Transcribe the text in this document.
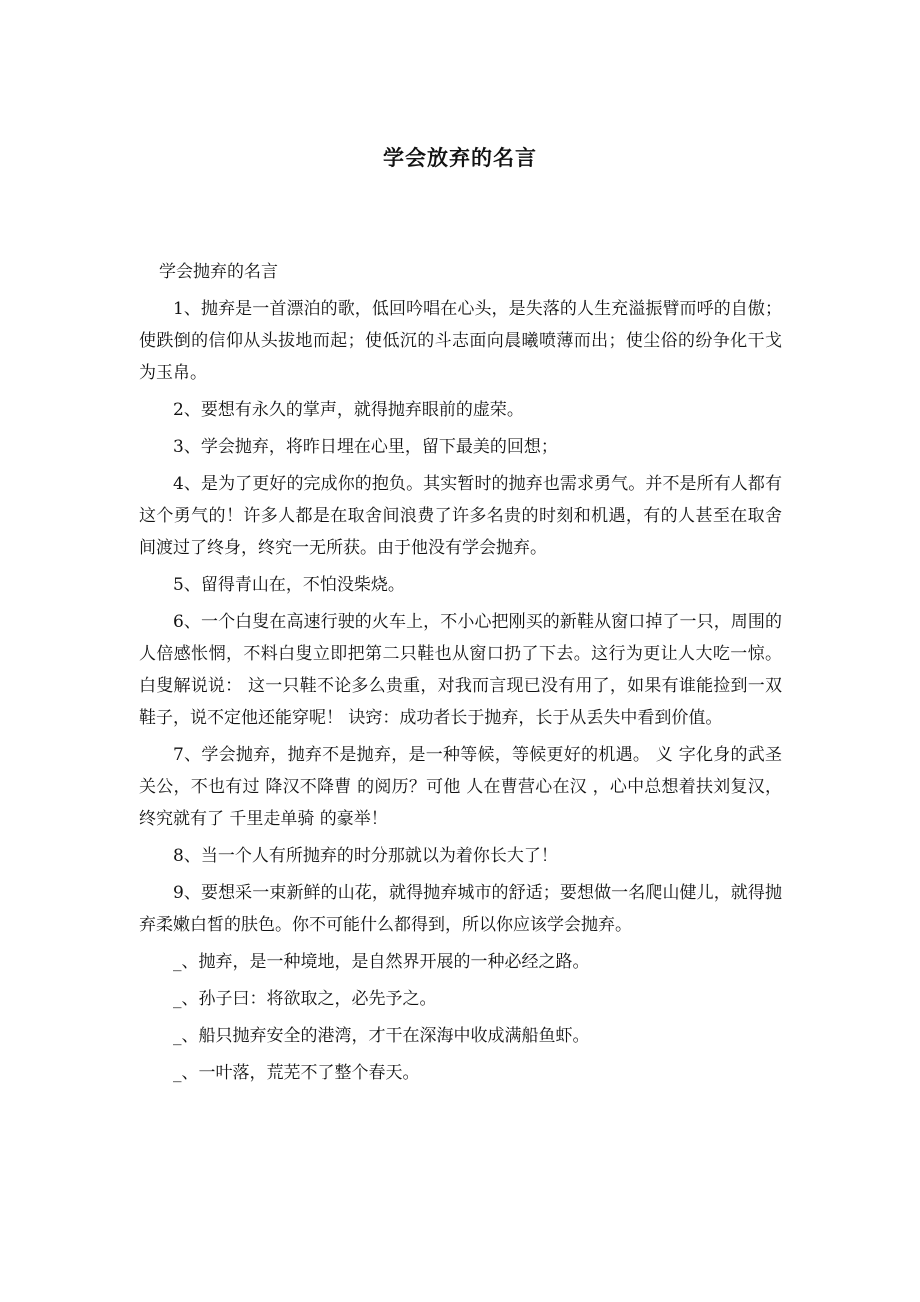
学会放弃的名言

学会抛弃的名言

1、抛弃是一首漂泊的歌，低回吟唱在心头，是失落的人生充溢振臂而呼的自傲；使跌倒的信仰从头拔地而起；使低沉的斗志面向晨曦喷薄而出；使尘俗的纷争化干戈为玉帛。

2、要想有永久的掌声，就得抛弃眼前的虚荣。

3、学会抛弃，将昨日埋在心里，留下最美的回想；

4、是为了更好的完成你的抱负。其实暂时的抛弃也需求勇气。并不是所有人都有这个勇气的！许多人都是在取舍间浪费了许多名贵的时刻和机遇，有的人甚至在取舍间渡过了终身，终究一无所获。由于他没有学会抛弃。

5、留得青山在，不怕没柴烧。

6、一个白叟在高速行驶的火车上，不小心把刚买的新鞋从窗口掉了一只，周围的人倍感怅惘，不料白叟立即把第二只鞋也从窗口扔了下去。这行为更让人大吃一惊。白叟解说说： 这一只鞋不论多么贵重，对我而言现已没有用了，如果有谁能捡到一双鞋子，说不定他还能穿呢！ 诀窍：成功者长于抛弃，长于从丢失中看到价值。

7、学会抛弃，抛弃不是抛弃，是一种等候，等候更好的机遇。 义 字化身的武圣关公，不也有过 降汉不降曹 的阅历？可他 人在曹营心在汉 ，心中总想着扶刘复汉，终究就有了 千里走单骑 的豪举！

8、当一个人有所抛弃的时分那就以为着你长大了！

9、要想采一束新鲜的山花，就得抛弃城市的舒适；要想做一名爬山健儿，就得抛弃柔嫩白皙的肤色。你不可能什么都得到，所以你应该学会抛弃。

_、抛弃，是一种境地，是自然界开展的一种必经之路。

_、孙子曰：将欲取之，必先予之。

_、船只抛弃安全的港湾，才干在深海中收成满船鱼虾。

_、一叶落，荒芜不了整个春天。
